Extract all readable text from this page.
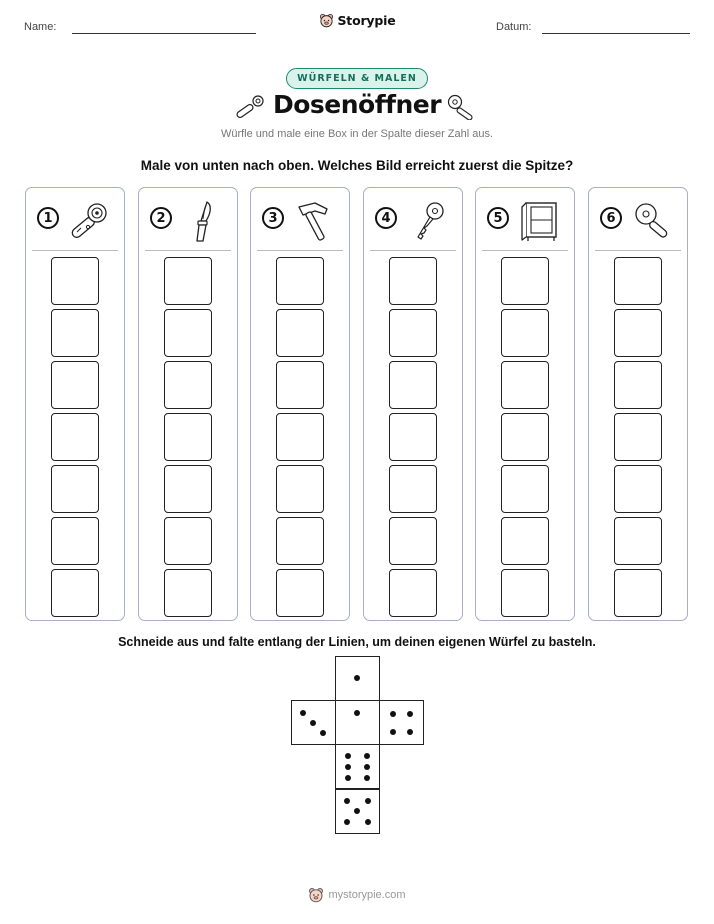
Name:	Storypie	Datum:
WÜRFELN & MALEN
Dosenöffner
Würfle und male eine Box in der Spalte dieser Zahl aus.
Male von unten nach oben. Welches Bild erreicht zuerst die Spitze?
1	2	3	4	5	6
Schneide aus und falte entlang der Linien, um deinen eigenen Würfel zu basteln.
mystorypie.com
